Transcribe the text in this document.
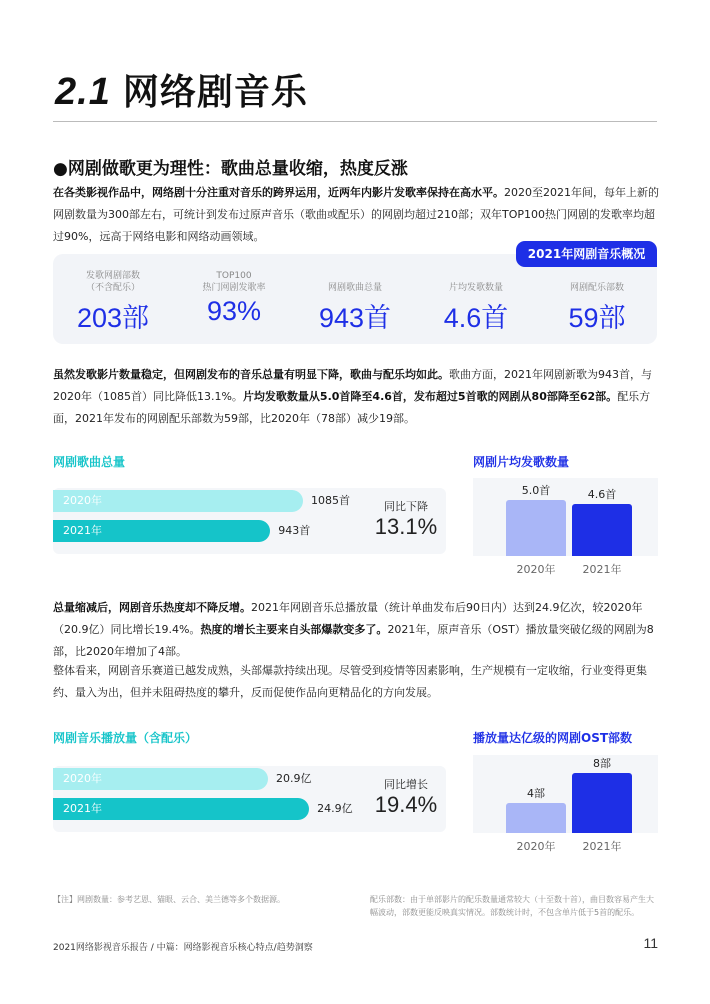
2.1 网络剧音乐
●网剧做歌更为理性：歌曲总量收缩，热度反涨
在各类影视作品中，网络剧十分注重对音乐的跨界运用，近两年内影片发歌率保持在高水平。2020至2021年间，每年上新的网剧数量为300部左右，可统计到发布过原声音乐（歌曲或配乐）的网剧均超过210部；双年TOP100热门网剧的发歌率均超过90%，远高于网络电影和网络动画领域。
发歌网剧部数
（不含配乐）
203部
TOP100
热门网剧发歌率
93%
网剧歌曲总量
943首
片均发歌数量
4.6首
网剧配乐部数
59部
2021年网剧音乐概况
虽然发歌影片数量稳定，但网剧发布的音乐总量有明显下降，歌曲与配乐均如此。歌曲方面，2021年网剧新歌为943首，与2020年（1085首）同比降低13.1%。片均发歌数量从5.0首降至4.6首，发布超过5首歌的网剧从80部降至62部。配乐方面，2021年发布的网剧配乐部数为59部，比2020年（78部）减少19部。
网剧歌曲总量
2020年	1085首
2021年	943首
同比下降
13.1%
网剧片均发歌数量
5.0首	4.6首
2020年	2021年
总量缩减后，网剧音乐热度却不降反增。2021年网剧音乐总播放量（统计单曲发布后90日内）达到24.9亿次，较2020年（20.9亿）同比增长19.4%。热度的增长主要来自头部爆款变多了。2021年，原声音乐（OST）播放量突破亿级的网剧为8部，比2020年增加了4部。
整体看来，网剧音乐赛道已越发成熟，头部爆款持续出现。尽管受到疫情等因素影响，生产规模有一定收缩，行业变得更集约、量入为出，但并未阻碍热度的攀升，反而促使作品向更精品化的方向发展。
网剧音乐播放量（含配乐）
2020年	20.9亿
2021年	24.9亿
同比增长
19.4%
播放量达亿级的网剧OST部数
4部
8部
2020年	2021年
【注】网剧数量：参考艺恩、猫眼、云合、美兰德等多个数据源。	配乐部数：由于单部影片的配乐数量通常较大（十至数十首），曲目数容易产生大幅波动，部数更能反映真实情况。部数统计时，不包含单片低于5首的配乐。
2021网络影视音乐报告 / 中篇：网络影视音乐核心特点/趋势洞察	11
